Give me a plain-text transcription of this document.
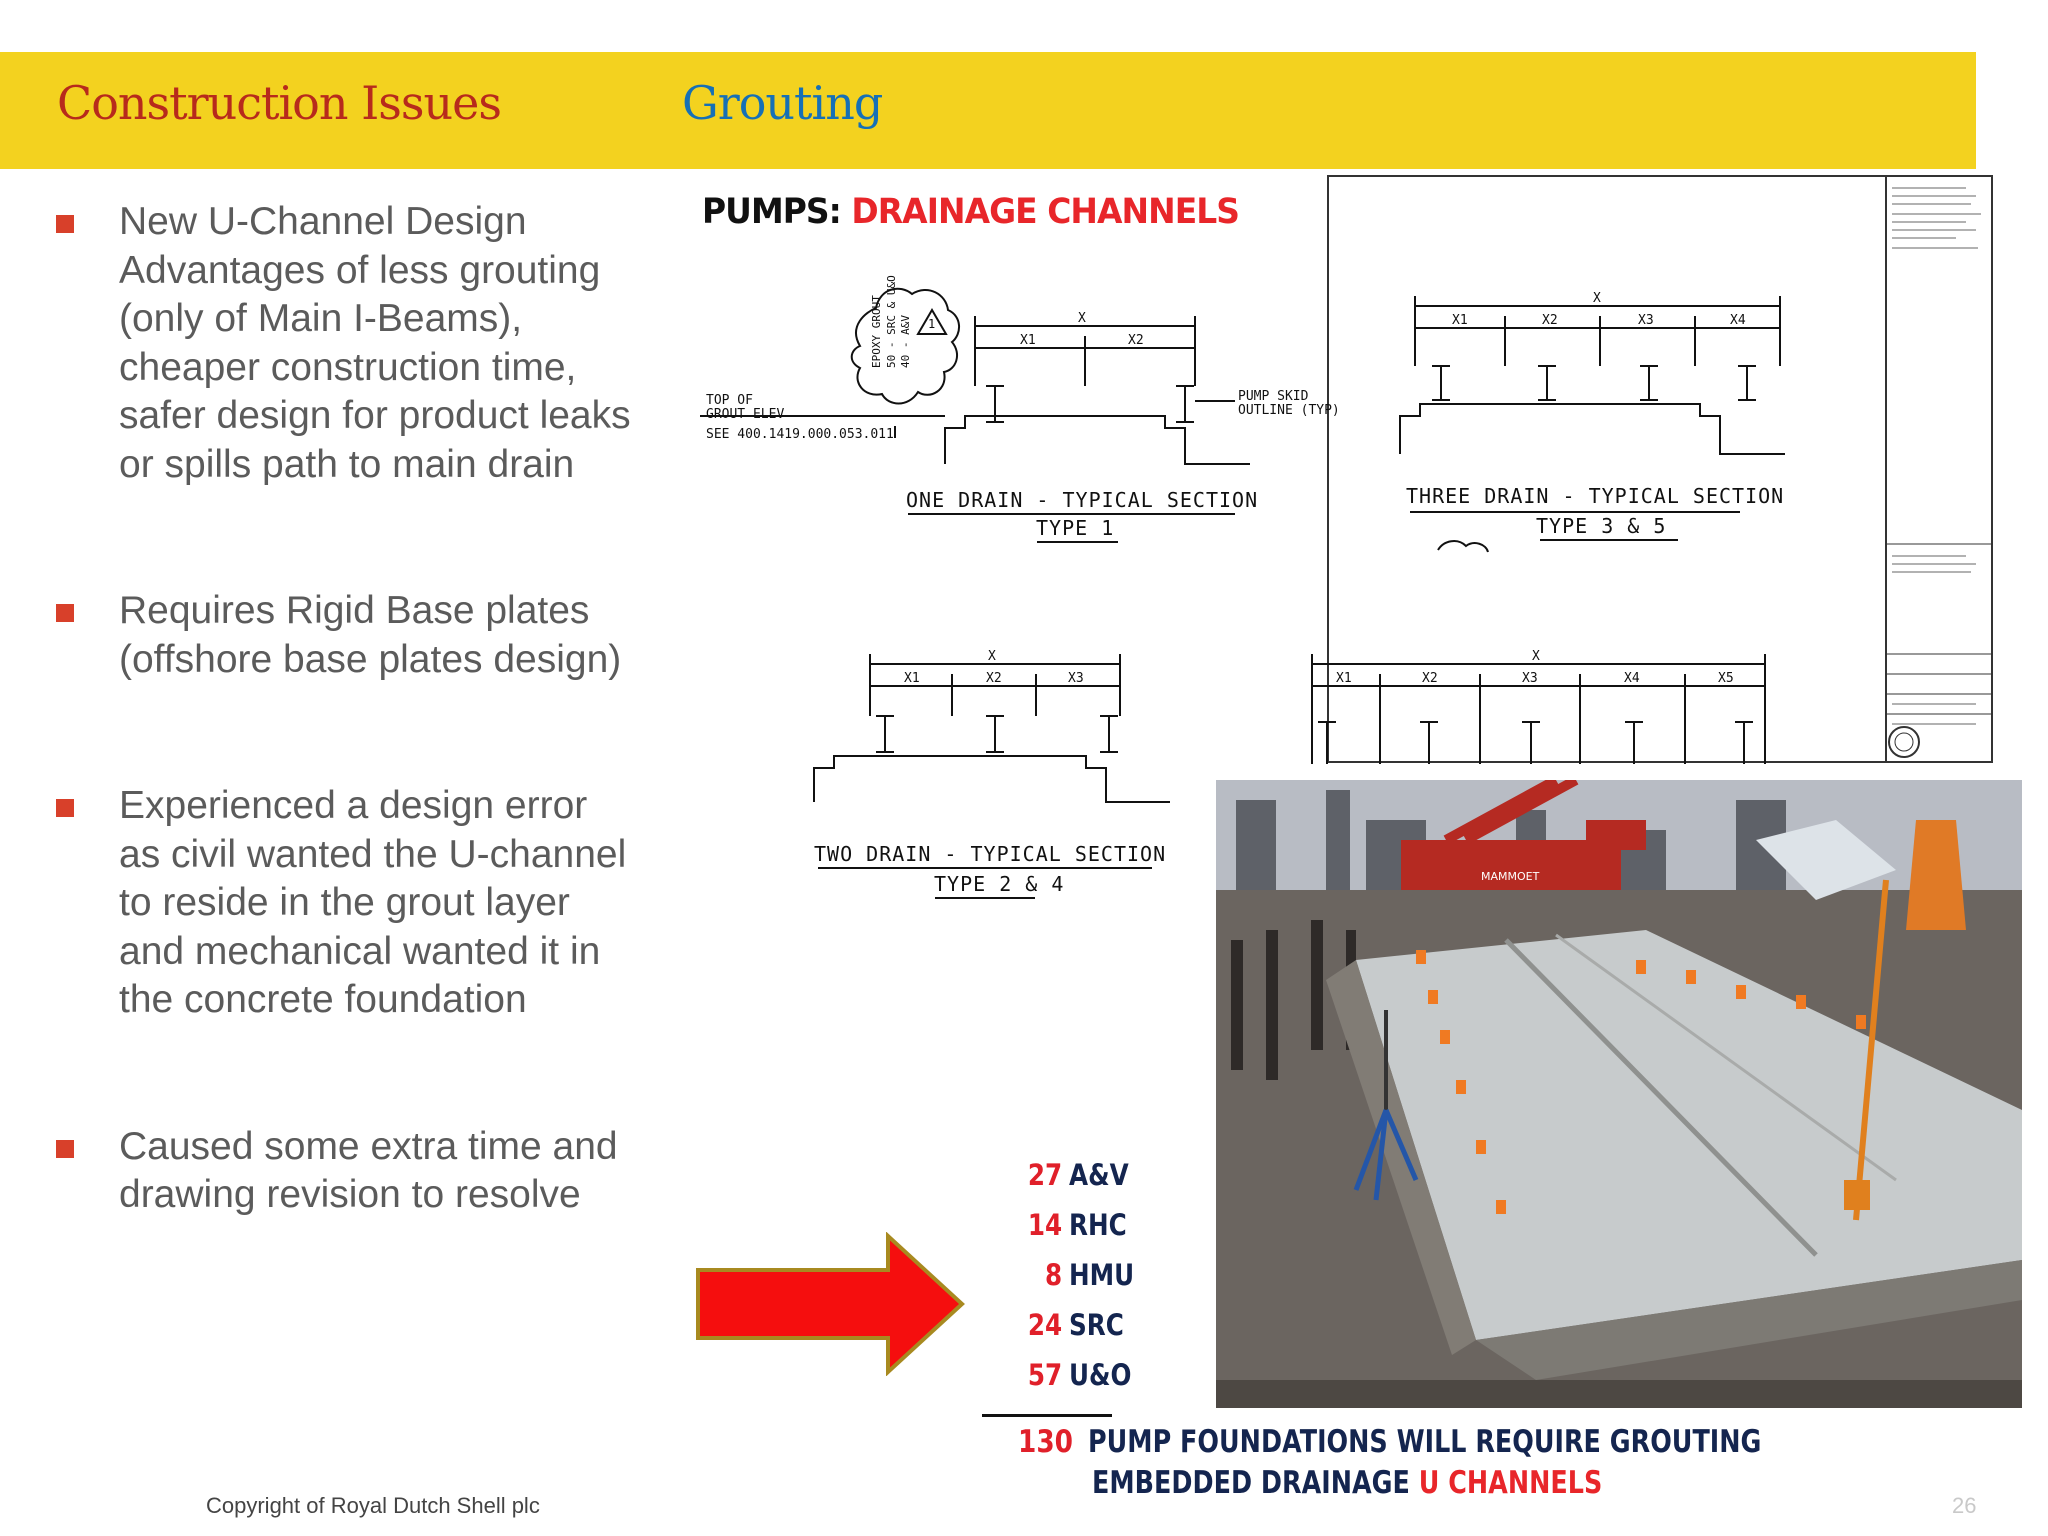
Construction Issues	Grouting
New U-Channel Design Advantages of less grouting (only of Main I-Beams), cheaper construction time, safer design for product leaks or spills path to main drain
Requires Rigid Base plates (offshore base plates design)
Experienced a design error as civil wanted the U-channel to reside in the grout layer and mechanical wanted it in the concrete foundation
Caused some extra time and drawing revision to resolve
TOP OF
GROUT ELEV
SEE 400.1419.000.053.011
PUMP SKID
OUTLINE (TYP)
X
X1	X2
X
X1	X2	X3	X4
X
X1	X2	X3
X
X1	X2	X3	X4	X5
1
EPOXY GROUT 50 - SRC & U&O 40 - A&V
PUMPS: DRAINAGE CHANNELS
ONE DRAIN - TYPICAL SECTION
TYPE 1
THREE DRAIN - TYPICAL SECTION
TYPE 3 & 5
TWO DRAIN - TYPICAL SECTION
TYPE 2 & 4	MAMMOET
27 A&V
14 RHC
8 HMU
24 SRC
57 U&O
130 PUMP FOUNDATIONS WILL REQUIRE GROUTING
EMBEDDED DRAINAGE U CHANNELS
Copyright of Royal Dutch Shell plc	26
